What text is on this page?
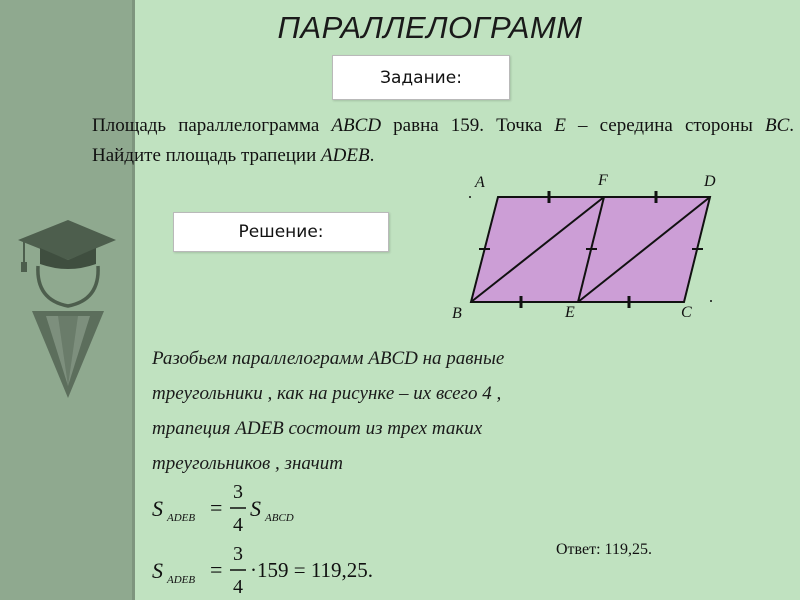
ПАРАЛЛЕЛОГРАММ
Задание:
Площадь параллелограмма ABCD равна 159. Точка E – середина стороны BC. Найдите площадь трапеции ADEB.
Решение:
A	F	D
B	E	C
Разобьем параллелограмм ABCD на равные
треугольники , как на рисунке – их всего 4 ,
трапеция ADEB состоит из трех таких
треугольников , значит
S ADEB =
3
4
S ABCD
S ADEB =
3
4
·159 = 119,25.
Ответ: 119,25.
